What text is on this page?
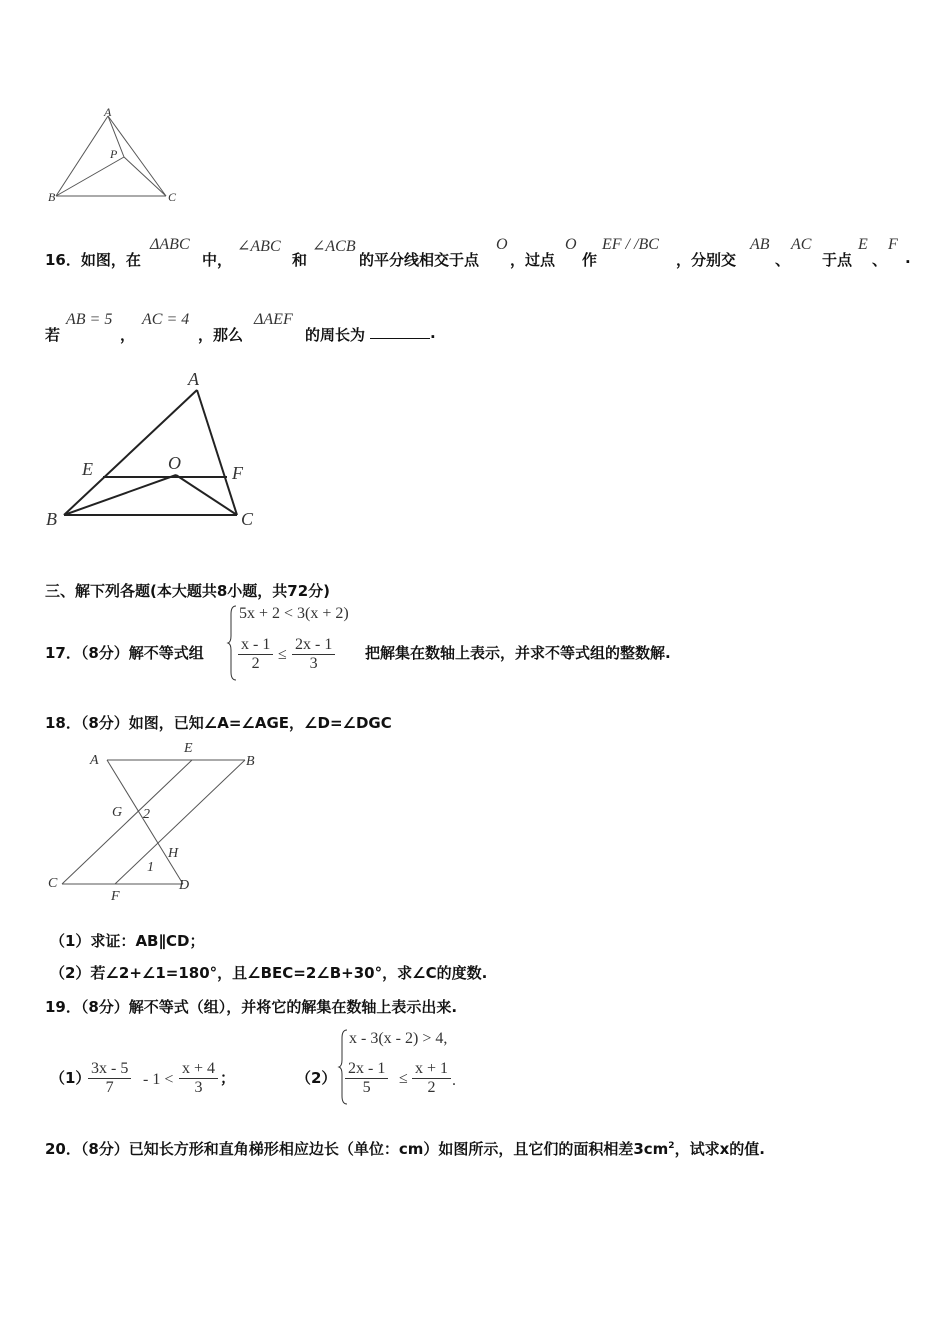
A
P
B	C
16．如图，在
ΔABC
中，
∠ABC
和
∠ACB
的平分线相交于点
O
，过点
O
作
EF / /BC
，分别交
AB
、
AC
于点
E
、
F
.
若
AB = 5
，
AC = 4
，那么
ΔAEF
的周长为	.
A
E	O	F
B	C
三、解下列各题(本大题共8小题，共72分)
17．（8分）解不等式组
5x + 2 < 3(x + 2)
$\frac{x - 1}{2} \le \frac{2x - 1}{3}$ 把解集在数轴上表示，并求不等式组的整数解.
18．（8分）如图，已知∠A=∠AGE，∠D=∠DGC
A
E
B
G 2
H
1
C
F
D
（1）求证：AB∥CD；
（2）若∠2+∠1=180°，且∠BEC=2∠B+30°，求∠C的度数.
19．（8分）解不等式（组），并将它的解集在数轴上表示出来.
（1）
$\frac{3x - 5}{7} - 1 < \frac{x + 4}{3}$ ；	（2）
x - 3(x - 2) > 4,
$\frac{2x - 1}{5} \le \frac{x + 1}{2}$ .
20．（8分）已知长方形和直角梯形相应边长（单位：cm）如图所示，且它们的面积相差$3cm^2$，试求x的值.
